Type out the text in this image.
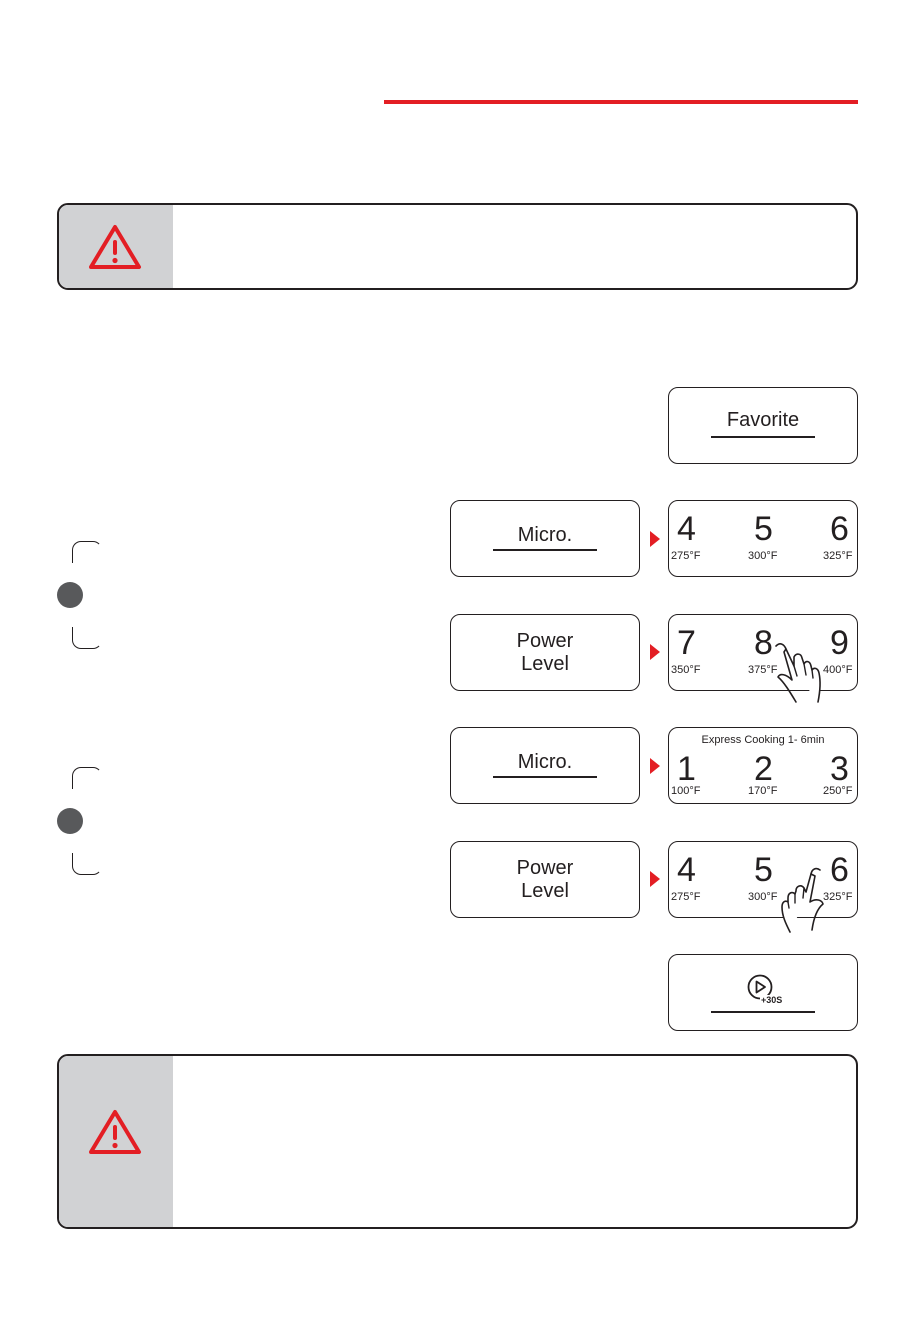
Favorite
Micro.	4
275°F
5
300°F
6
325°F
Power
Level
7
350°F
8
375°F
9
400°F
Micro.
Express Cooking 1- 6min
1
100°F
2
170°F
3
250°F
Power
Level
4
275°F
5
300°F
6
325°F
+30S
